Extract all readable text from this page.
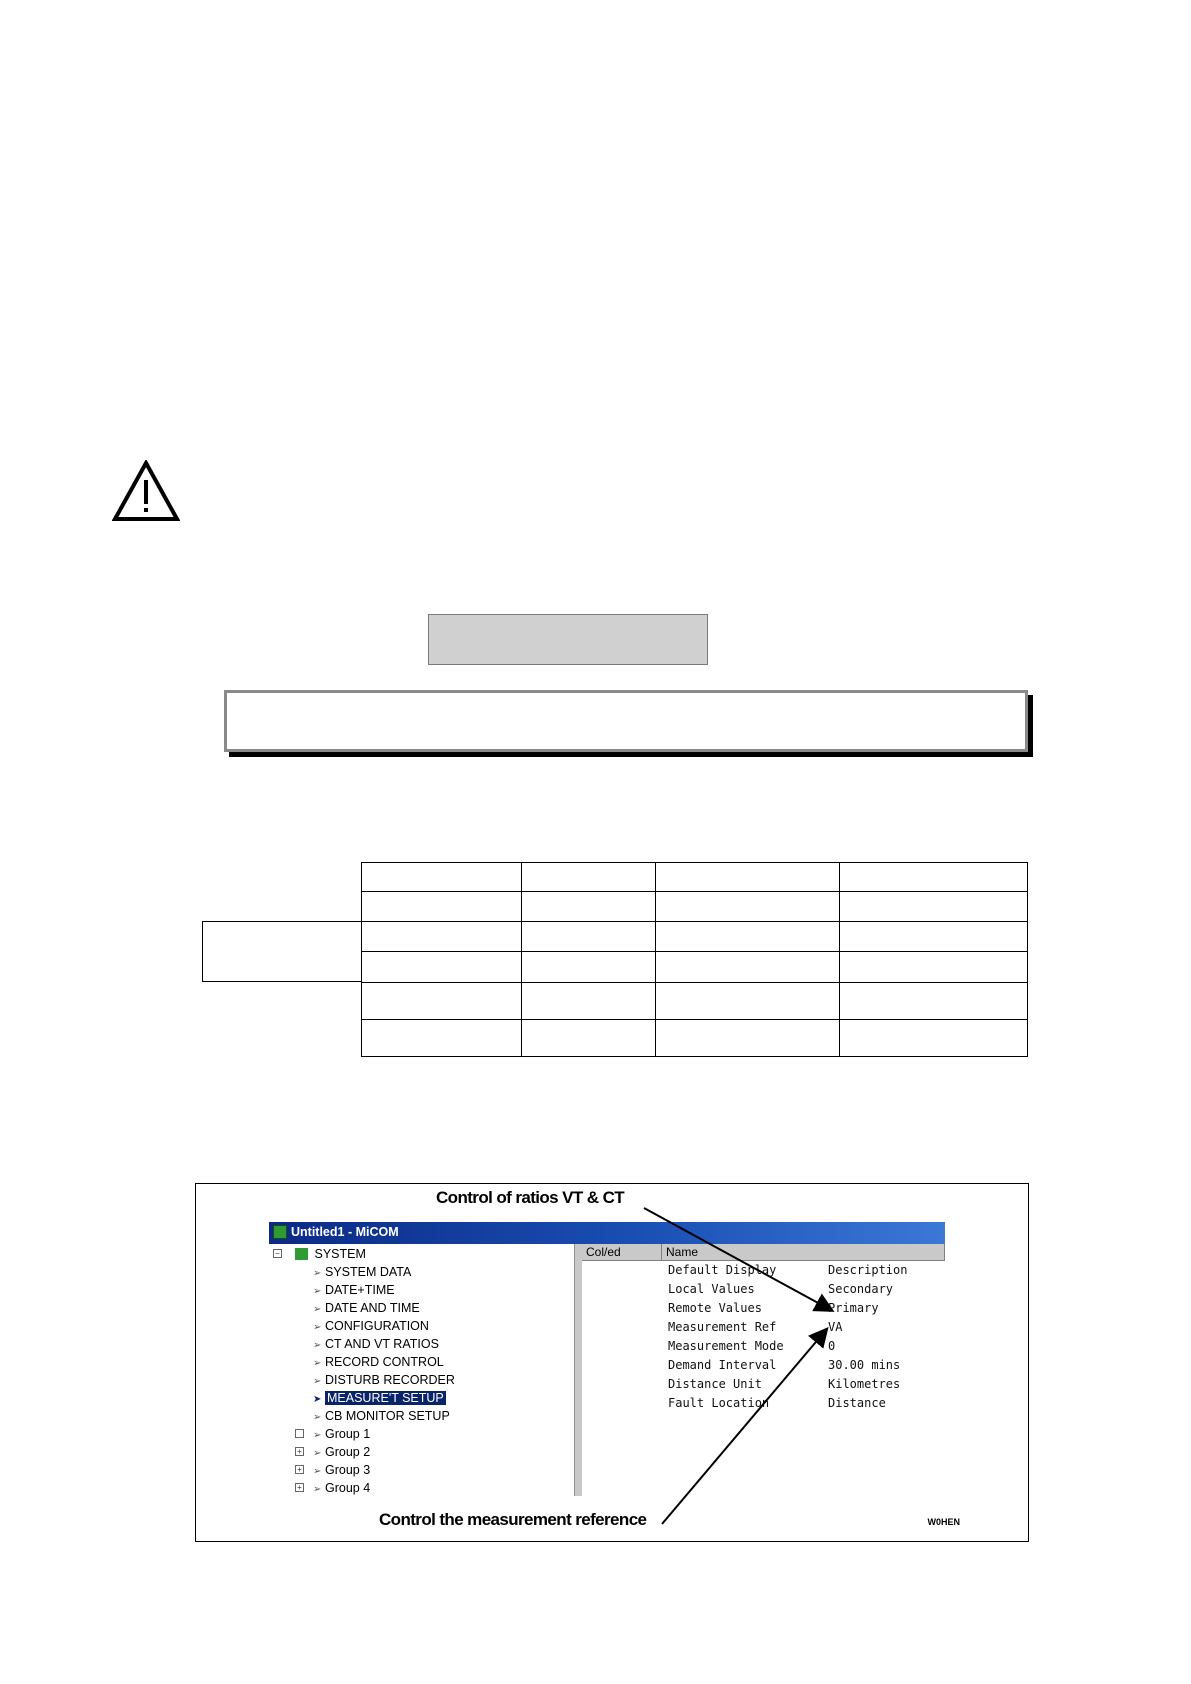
Control of ratios VT & CT
Untitled1 - MiCOM
−	SYSTEM
➢ SYSTEM DATA
➢ DATE+TIME
➢ DATE AND TIME
➢ CONFIGURATION
➢ CT AND VT RATIOS
➢ RECORD CONTROL
➢ DISTURB RECORDER
➤ MEASURE'T SETUP
➢ CB MONITOR SETUP
➢ Group 1
+ ➢ Group 2
+ ➢ Group 3
+ ➢ Group 4
Col/ed	Name
Default Display	Description
Local Values	Secondary
Remote Values	Primary
Measurement Ref	VA
Measurement Mode	0
Demand Interval	30.00 mins
Distance Unit	Kilometres
Fault Location	Distance
Control the measurement reference	W0HEN
